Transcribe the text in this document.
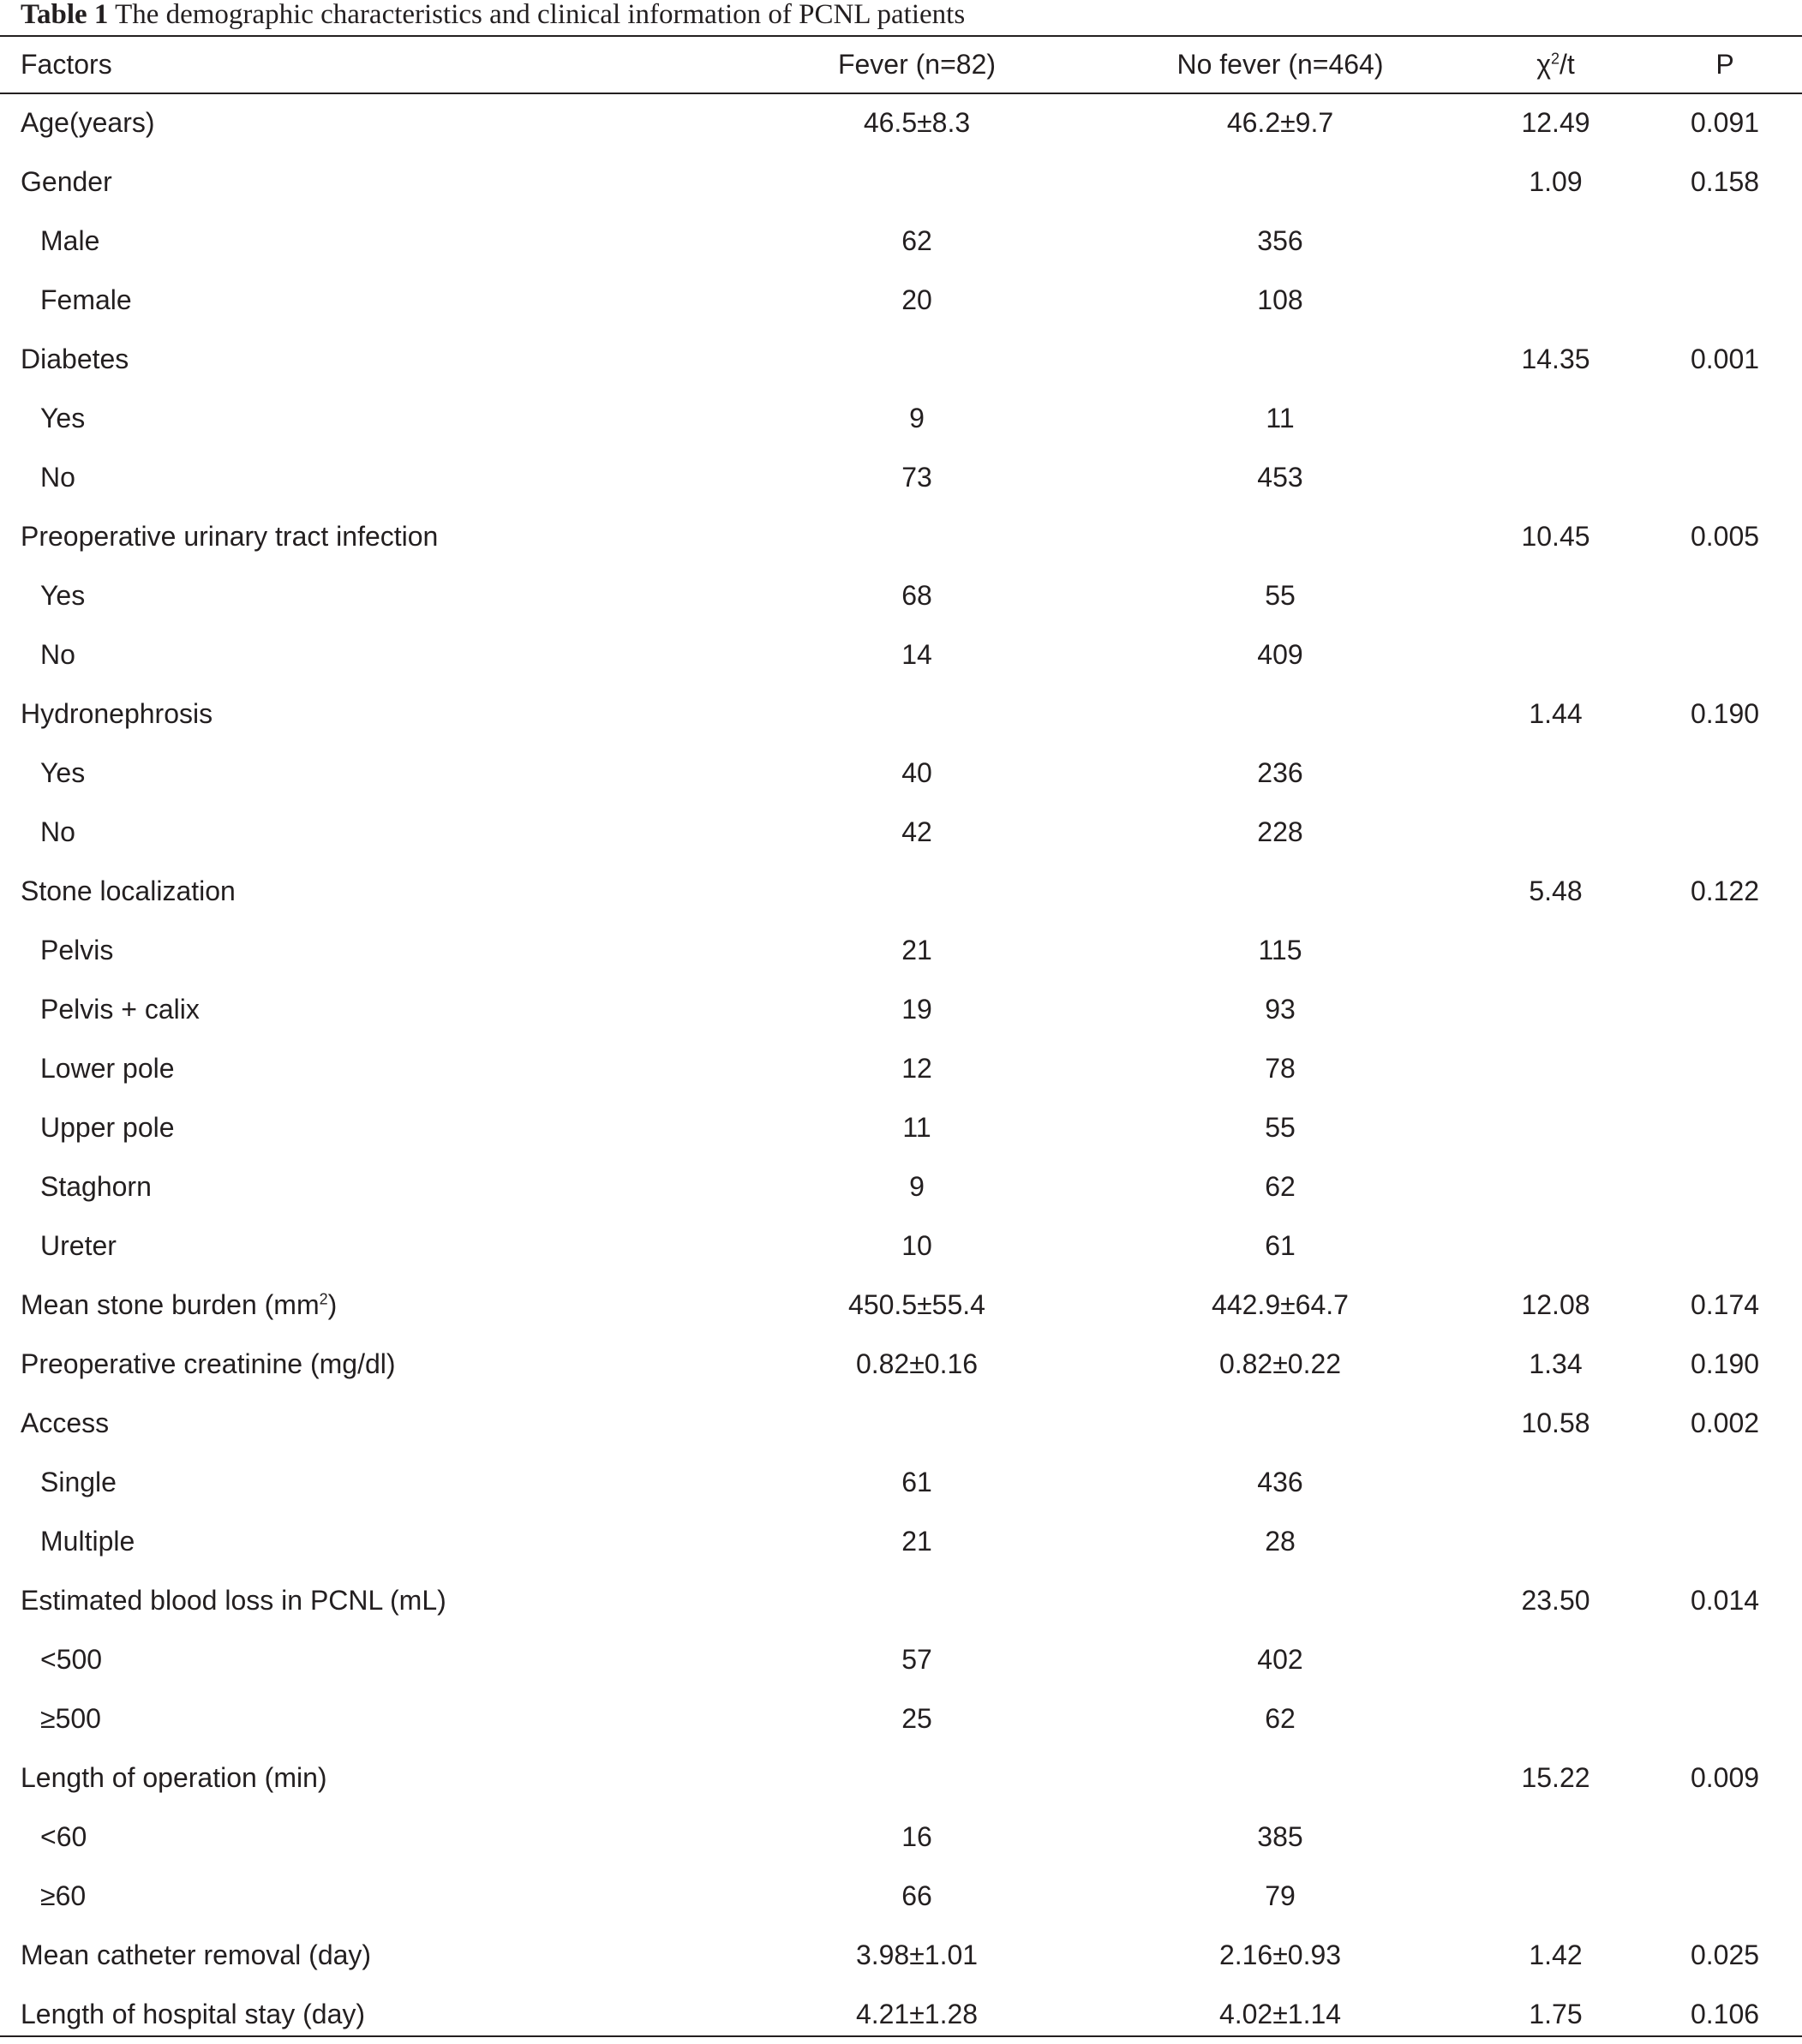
Table 1 The demographic characteristics and clinical information of PCNL patients
Factors	Fever (n=82)	No fever (n=464)	$\chi^2/t$	P
Age(years)	46.5±8.3	46.2±9.7	12.49	0.091
Gender			1.09	0.158
Male	62	356		
Female	20	108		
Diabetes			14.35	0.001
Yes	9	11		
No	73	453		
Preoperative urinary tract infection			10.45	0.005
Yes	68	55		
No	14	409		
Hydronephrosis			1.44	0.190
Yes	40	236		
No	42	228		
Stone localization			5.48	0.122
Pelvis	21	115		
Pelvis + calix	19	93		
Lower pole	12	78		
Upper pole	11	55		
Staghorn	9	62		
Ureter	10	61		
Mean stone burden $(mm^2)$	450.5±55.4	442.9±64.7	12.08	0.174
Preoperative creatinine (mg/dl)	0.82±0.16	0.82±0.22	1.34	0.190
Access			10.58	0.002
Single	61	436		
Multiple	21	28		
Estimated blood loss in PCNL (mL)			23.50	0.014
<500	57	402		
≥500	25	62		
Length of operation (min)			15.22	0.009
<60	16	385		
≥60	66	79		
Mean catheter removal (day)	3.98±1.01	2.16±0.93	1.42	0.025
Length of hospital stay (day)	4.21±1.28	4.02±1.14	1.75	0.106
